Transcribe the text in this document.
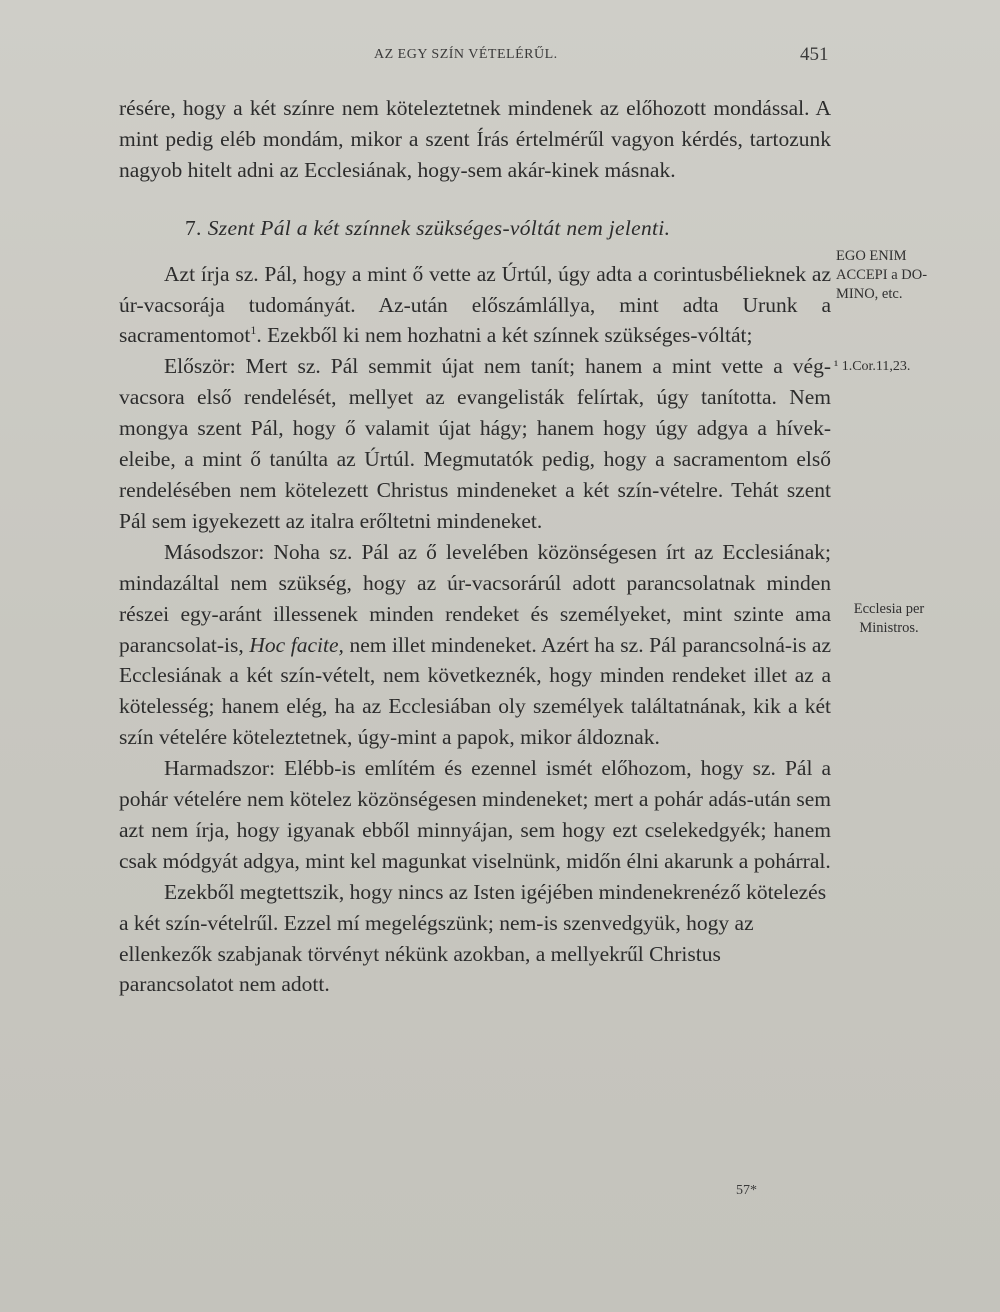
AZ EGY SZÍN VÉTELÉRŰL.	451

résére, hogy a két színre nem köteleztetnek mindenek az előhozott mondással. A mint pedig eléb mondám, mikor a szent Írás értelmérűl vagyon kérdés, tartozunk nagyob hitelt adni az Ecclesiának, hogy-sem akár-kinek másnak.

7. Szent Pál a két színnek szükséges-vóltát nem jelenti.

Azt írja sz. Pál, hogy a mint ő vette az Úrtúl, úgy adta a corintusbélieknek az úr-vacsorája tudományát. Az-után előszámlállya, mint adta Urunk a sacramentomot$^1$. Ezekből ki nem hozhatni a két színnek szükséges-vóltát;

Először: Mert sz. Pál semmit újat nem tanít; hanem a mint vette a vég-vacsora első rendelését, mellyet az evangelisták felírtak, úgy tanította. Nem mongya szent Pál, hogy ő valamit újat hágy; hanem hogy úgy adgya a hívek-eleibe, a mint ő tanúlta az Úrtúl. Megmutatók pedig, hogy a sacramentom első rendelésében nem kötelezett Christus mindeneket a két szín-vételre. Tehát szent Pál sem igyekezett az italra erőltetni mindeneket.

Másodszor: Noha sz. Pál az ő levelében közönségesen írt az Ecclesiának; mindazáltal nem szükség, hogy az úr-vacsorárúl adott parancsolatnak minden részei egy-aránt illessenek minden rendeket és személyeket, mint szinte ama parancsolat-is, Hoc facite, nem illet mindeneket. Azért ha sz. Pál parancsolná-is az Ecclesiának a két szín-vételt, nem következnék, hogy minden rendeket illet az a kötelesség; hanem elég, ha az Ecclesiában oly személyek találtatnának, kik a két szín vételére köteleztetnek, úgy-mint a papok, mikor áldoznak.

Harmadszor: Elébb-is említém és ezennel ismét előhozom, hogy sz. Pál a pohár vételére nem kötelez közönségesen mindeneket; mert a pohár adás-után sem azt nem írja, hogy igyanak ebből minnyájan, sem hogy ezt cselekedgyék; hanem csak módgyát adgya, mint kel magunkat viselnünk, midőn élni akarunk a pohárral.

Ezekből megtettszik, hogy nincs az Isten igéjében mindenekrenéző kötelezés a két szín-vételrűl. Ezzel mí megelégszünk; nem-is szenvedgyük, hogy az ellenkezők szabjanak törvényt nékünk azokban, a mellyekrűl Christus parancsolatot nem adott.

EGO ENIM
ACCEPI a DO-
MINO, etc.
¹ 1.Cor.11,23.
Ecclesia per
Ministros.
57*
